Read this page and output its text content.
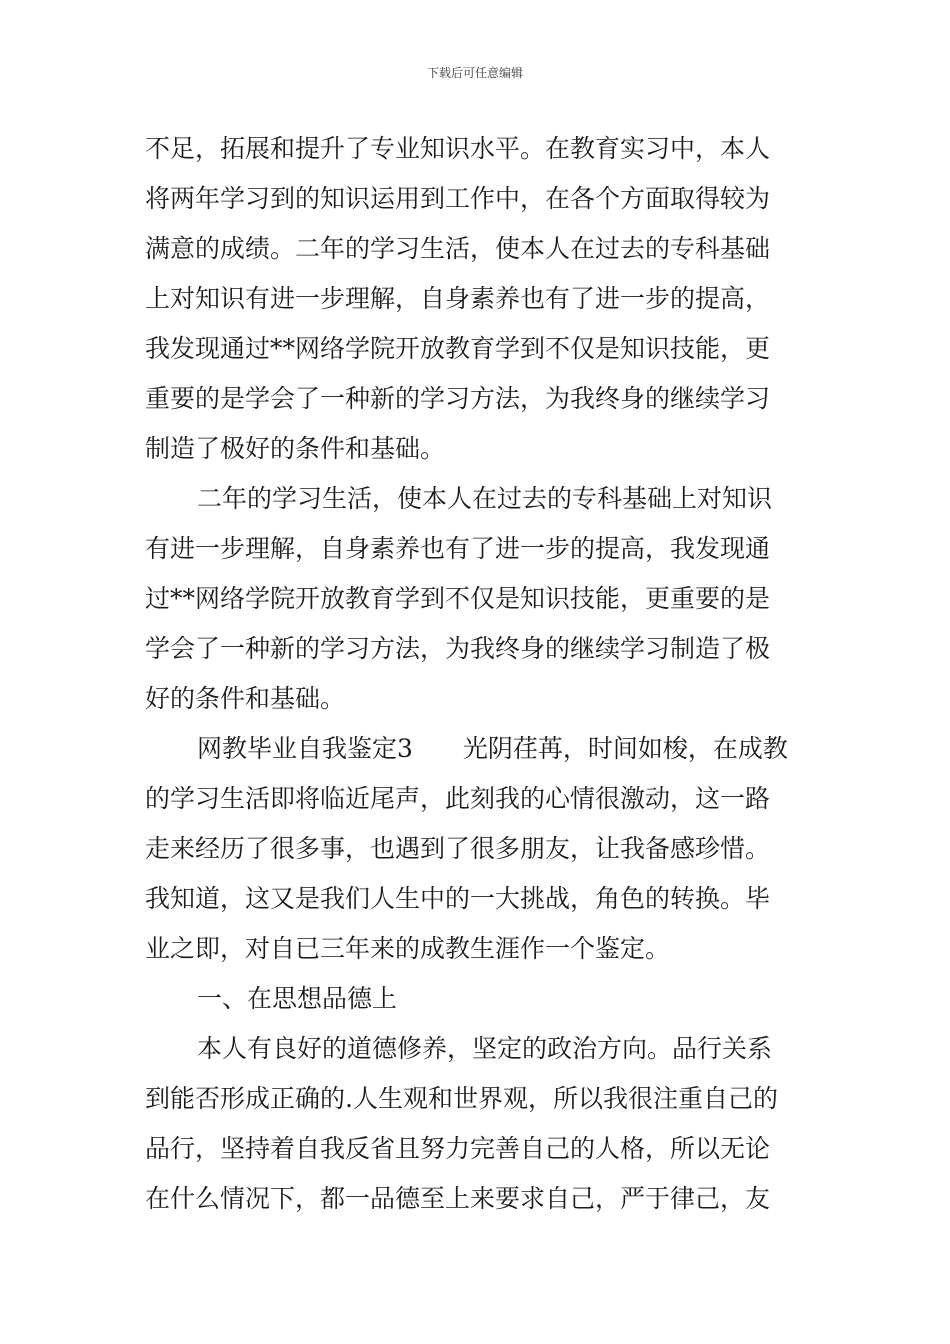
下载后可任意编辑
不足，拓展和提升了专业知识水平。在教育实习中，本人
将两年学习到的知识运用到工作中，在各个方面取得较为
满意的成绩。二年的学习生活，使本人在过去的专科基础
上对知识有进一步理解，自身素养也有了进一步的提高，
我发现通过**网络学院开放教育学到不仅是知识技能，更
重要的是学会了一种新的学习方法，为我终身的继续学习
制造了极好的条件和基础。
二年的学习生活，使本人在过去的专科基础上对知识
有进一步理解，自身素养也有了进一步的提高，我发现通
过**网络学院开放教育学到不仅是知识技能，更重要的是
学会了一种新的学习方法，为我终身的继续学习制造了极
好的条件和基础。
网教毕业自我鉴定3　　光阴荏苒，时间如梭，在成教
的学习生活即将临近尾声，此刻我的心情很激动，这一路
走来经历了很多事，也遇到了很多朋友，让我备感珍惜。
我知道，这又是我们人生中的一大挑战，角色的转换。毕
业之即，对自已三年来的成教生涯作一个鉴定。
一、在思想品德上
本人有良好的道德修养，坚定的政治方向。品行关系
到能否形成正确的.人生观和世界观，所以我很注重自己的
品行，坚持着自我反省且努力完善自己的人格，所以无论
在什么情况下，都一品德至上来要求自己，严于律己，友
